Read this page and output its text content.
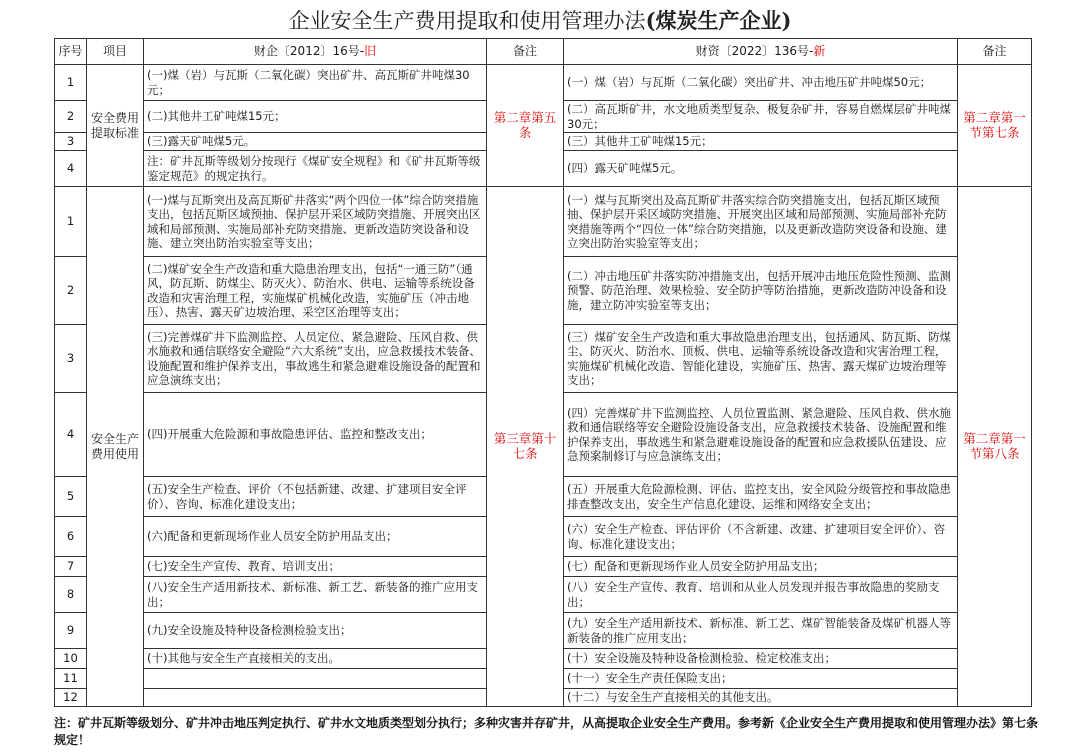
企业安全生产费用提取和使用管理办法(煤炭生产企业)
序号	项目	财企〔2012〕16号-旧	备注	财资〔2022〕136号-新	备注
1	安全费用提取标准	(一)煤（岩）与瓦斯（二氧化碳）突出矿井、高瓦斯矿井吨煤30元；	第二章第五条	(一）煤（岩）与瓦斯（二氧化碳）突出矿井、冲击地压矿井吨煤50元；	第二章第一节第七条
2		(二)其他井工矿吨煤15元；		(二）高瓦斯矿井，水文地质类型复杂、极复杂矿井，容易自燃煤层矿井吨煤30元；	
3		(三)露天矿吨煤5元。		(三）其他井工矿吨煤15元；	
4		注：矿井瓦斯等级划分按现行《煤矿安全规程》和《矿井瓦斯等级鉴定规范》的规定执行。		(四）露天矿吨煤5元。	
1	安全生产费用使用	(一)煤与瓦斯突出及高瓦斯矿井落实“两个四位一体”综合防突措施支出，包括瓦斯区域预抽、保护层开采区域防突措施、开展突出区域和局部预测、实施局部补充防突措施、更新改造防突设备和设施、建立突出防治实验室等支出；	第三章第十七条	(一）煤与瓦斯突出及高瓦斯矿井落实综合防突措施支出，包括瓦斯区域预抽、保护层开采区域防突措施、开展突出区域和局部预测、实施局部补充防突措施等两个“四位一体”综合防突措施，以及更新改造防突设备和设施、建立突出防治实验室等支出；	第二章第一节第八条
2		(二)煤矿安全生产改造和重大隐患治理支出，包括“一通三防”（通风，防瓦斯、防煤尘、防灭火）、防治水、供电、运输等系统设备改造和灾害治理工程，实施煤矿机械化改造，实施矿压（冲击地压）、热害、露天矿边坡治理、采空区治理等支出；		(二）冲击地压矿井落实防冲措施支出，包括开展冲击地压危险性预测、监测预警、防范治理、效果检验、安全防护等防治措施，更新改造防冲设备和设施，建立防冲实验室等支出；	
3		(三)完善煤矿井下监测监控、人员定位、紧急避险、压风自救、供水施救和通信联络安全避险“六大系统”支出，应急救援技术装备、设施配置和维护保养支出，事故逃生和紧急避难设施设备的配置和应急演练支出；		(三）煤矿安全生产改造和重大事故隐患治理支出，包括通风、防瓦斯、防煤尘、防灭火、防治水、顶板、供电、运输等系统设备改造和灾害治理工程，实施煤矿机械化改造、智能化建设，实施矿压、热害、露天煤矿边坡治理等支出；	
4		(四)开展重大危险源和事故隐患评估、监控和整改支出；		(四）完善煤矿井下监测监控、人员位置监测、紧急避险、压风自救、供水施救和通信联络等安全避险设施设备支出，应急救援技术装备、设施配置和维护保养支出，事故逃生和紧急避难设施设备的配置和应急救援队伍建设、应急预案制修订与应急演练支出；	
5		(五)安全生产检查、评价（不包括新建、改建、扩建项目安全评价）、咨询、标准化建设支出；		(五）开展重大危险源检测、评估、监控支出，安全风险分级管控和事故隐患排查整改支出，安全生产信息化建设、运维和网络安全支出；	
6		(六)配备和更新现场作业人员安全防护用品支出；		(六）安全生产检查、评估评价（不含新建、改建、扩建项目安全评价）、咨询、标准化建设支出；	
7		(七)安全生产宣传、教育、培训支出；		(七）配备和更新现场作业人员安全防护用品支出；	
8		(八)安全生产适用新技术、新标准、新工艺、新装备的推广应用支出；		(八）安全生产宣传、教育、培训和从业人员发现并报告事故隐患的奖励支出；	
9		(九)安全设施及特种设备检测检验支出；		(九）安全生产适用新技术、新标准、新工艺、煤矿智能装备及煤矿机器人等新装备的推广应用支出；	
10		(十)其他与安全生产直接相关的支出。		(十）安全设施及特种设备检测检验、检定校准支出；	
11				(十一）安全生产责任保险支出；	
12				(十二）与安全生产直接相关的其他支出。	
注：矿井瓦斯等级划分、矿井冲击地压判定执行、矿井水文地质类型划分执行；多种灾害并存矿井，从高提取企业安全生产费用。参考新《企业安全生产费用提取和使用管理办法》第七条规定！
